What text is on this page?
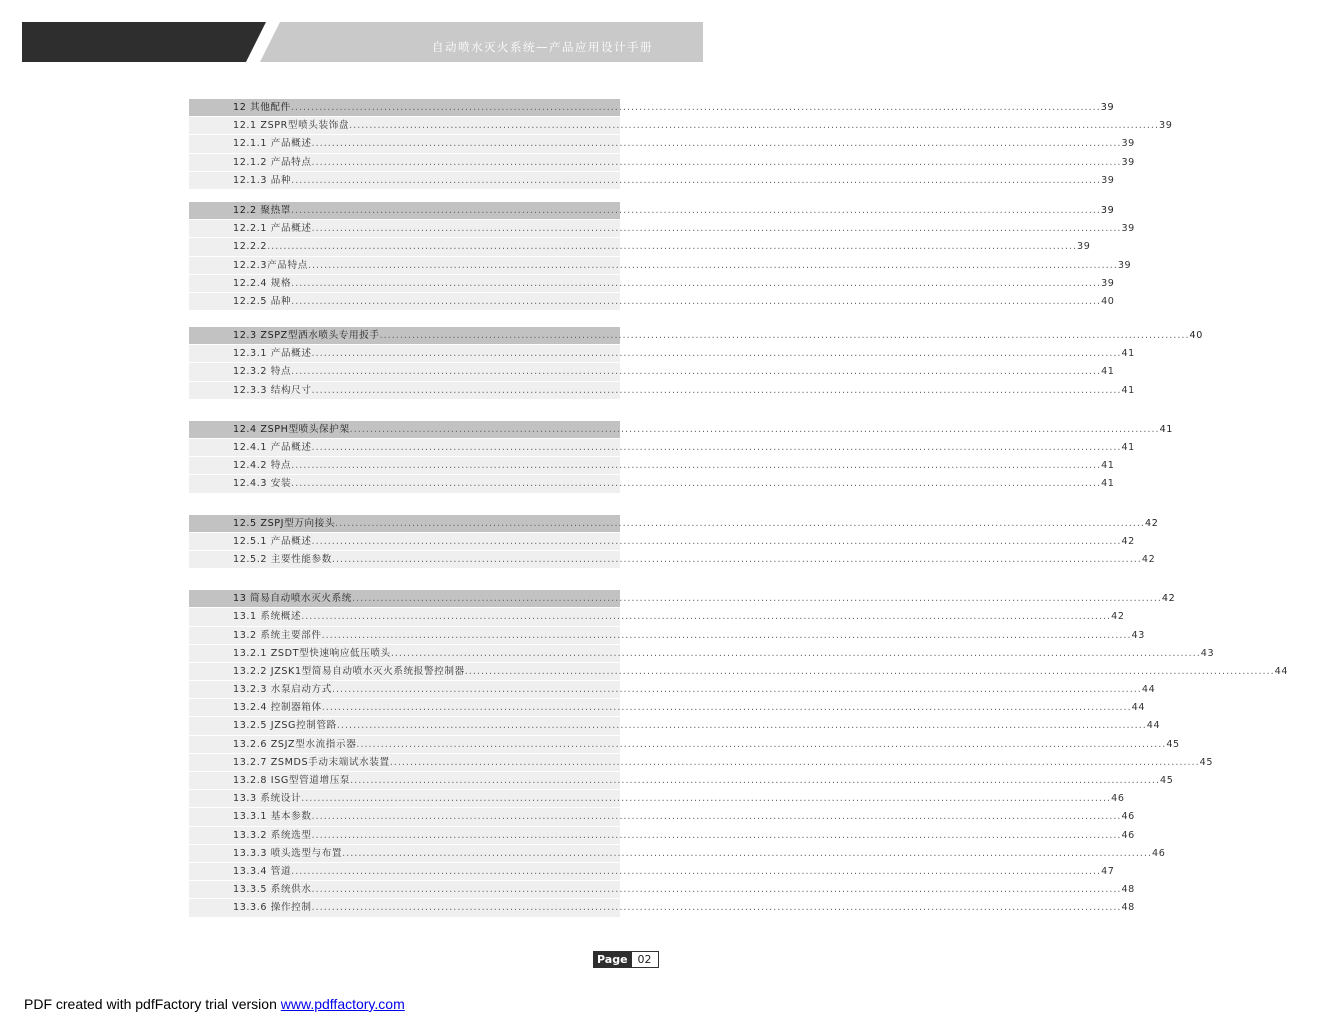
自动喷水灭火系统—产品应用设计手册
12 其他配件 ........................................................................................................................................................................................................ 39
12.1 ZSPR型喷头装饰盘 ........................................................................................................................................................................................................ 39
12.1.1 产品概述 ........................................................................................................................................................................................................ 39
12.1.2 产品特点 ........................................................................................................................................................................................................ 39
12.1.3 品种 ........................................................................................................................................................................................................ 39
12.2 聚热罩 ........................................................................................................................................................................................................ 39
12.2.1 产品概述 ........................................................................................................................................................................................................ 39
12.2.2 ........................................................................................................................................................................................................ 39
12.2.3产品特点 ........................................................................................................................................................................................................ 39
12.2.4 规格 ........................................................................................................................................................................................................ 39
12.2.5 品种 ........................................................................................................................................................................................................ 40
12.3 ZSPZ型洒水喷头专用扳手 ........................................................................................................................................................................................................ 40
12.3.1 产品概述 ........................................................................................................................................................................................................ 41
12.3.2 特点 ........................................................................................................................................................................................................ 41
12.3.3 结构尺寸 ........................................................................................................................................................................................................ 41
12.4 ZSPH型喷头保护架 ........................................................................................................................................................................................................ 41
12.4.1 产品概述 ........................................................................................................................................................................................................ 41
12.4.2 特点 ........................................................................................................................................................................................................ 41
12.4.3 安装 ........................................................................................................................................................................................................ 41
12.5 ZSPJ型万向接头 ........................................................................................................................................................................................................ 42
12.5.1 产品概述 ........................................................................................................................................................................................................ 42
12.5.2 主要性能参数 ........................................................................................................................................................................................................ 42
13 简易自动喷水灭火系统 ........................................................................................................................................................................................................ 42
13.1 系统概述 ........................................................................................................................................................................................................ 42
13.2 系统主要部件 ........................................................................................................................................................................................................ 43
13.2.1 ZSDT型快速响应低压喷头 ........................................................................................................................................................................................................ 43
13.2.2 JZSK1型简易自动喷水灭火系统报警控制器 ........................................................................................................................................................................................................ 44
13.2.3 水泵启动方式 ........................................................................................................................................................................................................ 44
13.2.4 控制器箱体 ........................................................................................................................................................................................................ 44
13.2.5 JZSG控制管路 ........................................................................................................................................................................................................ 44
13.2.6 ZSJZ型水流指示器 ........................................................................................................................................................................................................ 45
13.2.7 ZSMDS手动末端试水装置 ........................................................................................................................................................................................................ 45
13.2.8 ISG型管道增压泵 ........................................................................................................................................................................................................ 45
13.3 系统设计 ........................................................................................................................................................................................................ 46
13.3.1 基本参数 ........................................................................................................................................................................................................ 46
13.3.2 系统选型 ........................................................................................................................................................................................................ 46
13.3.3 喷头选型与布置 ........................................................................................................................................................................................................ 46
13.3.4 管道 ........................................................................................................................................................................................................ 47
13.3.5 系统供水 ........................................................................................................................................................................................................ 48
13.3.6 操作控制 ........................................................................................................................................................................................................ 48
Page 02
PDF created with pdfFactory trial version www.pdffactory.com
